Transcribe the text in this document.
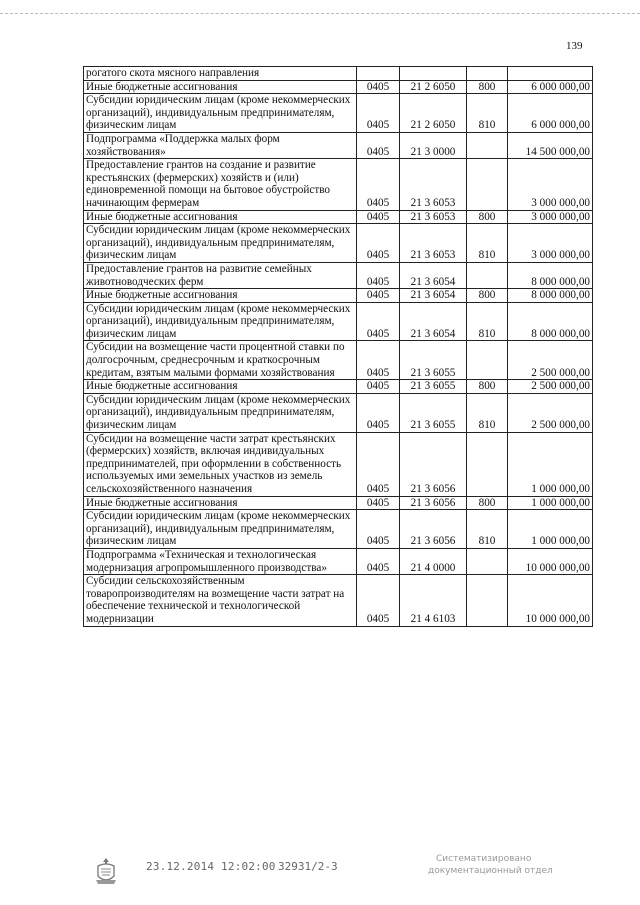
139
рогатого скота мясного направления				
Иные бюджетные ассигнования	0405	21 2 6050	800	6 000 000,00
Субсидии юридическим лицам (кроме некоммерческих организаций), индивидуальным предпринимателям, физическим лицам	0405	21 2 6050	810	6 000 000,00
Подпрограмма «Поддержка малых форм хозяйствования»	0405	21 3 0000		14 500 000,00
Предоставление грантов на создание и развитие крестьянских (фермерских) хозяйств и (или) единовременной помощи на бытовое обустройство начинающим фермерам	0405	21 3 6053		3 000 000,00
Иные бюджетные ассигнования	0405	21 3 6053	800	3 000 000,00
Субсидии юридическим лицам (кроме некоммерческих организаций), индивидуальным предпринимателям, физическим лицам	0405	21 3 6053	810	3 000 000,00
Предоставление грантов на развитие семейных животноводческих ферм	0405	21 3 6054		8 000 000,00
Иные бюджетные ассигнования	0405	21 3 6054	800	8 000 000,00
Субсидии юридическим лицам (кроме некоммерческих организаций), индивидуальным предпринимателям, физическим лицам	0405	21 3 6054	810	8 000 000,00
Субсидии на возмещение части процентной ставки по долгосрочным, среднесрочным и краткосрочным кредитам, взятым малыми формами хозяйствования	0405	21 3 6055		2 500 000,00
Иные бюджетные ассигнования	0405	21 3 6055	800	2 500 000,00
Субсидии юридическим лицам (кроме некоммерческих организаций), индивидуальным предпринимателям, физическим лицам	0405	21 3 6055	810	2 500 000,00
Субсидии на возмещение части затрат крестьянских (фермерских) хозяйств, включая индивидуальных предпринимателей, при оформлении в собственность используемых ими земельных участков из земель сельскохозяйственного назначения	0405	21 3 6056		1 000 000,00
Иные бюджетные ассигнования	0405	21 3 6056	800	1 000 000,00
Субсидии юридическим лицам (кроме некоммерческих организаций), индивидуальным предпринимателям, физическим лицам	0405	21 3 6056	810	1 000 000,00
Подпрограмма «Техническая и технологическая модернизация агропромышленного производства»	0405	21 4 0000		10 000 000,00
Субсидии сельскохозяйственным товаропроизводителям на возмещение части затрат на обеспечение технической и технологической модернизации	0405	21 4 6103		10 000 000,00
23.12.2014 12:02:00 32931/2-3
Систематизировано
документационный отдел
